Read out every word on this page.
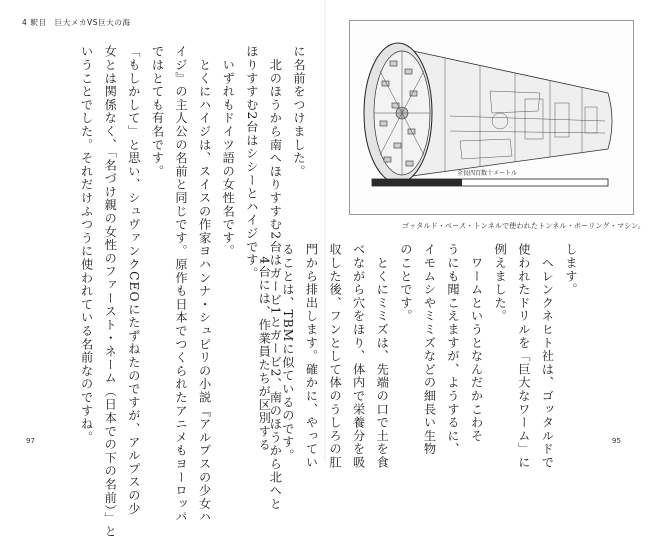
4 駅目　巨大メカVS巨大の海
に名前をつけました。
　北のほうから南へほりすすむ2台はガービ1とガービ2、南のほうから北へと
ほりすすむ2台はシシーとハイジです。
　いずれもドイツ語の女性名です。
　とくにハイジは、スイスの作家ヨハンナ・シュピリの小説『アルプスの少女ハ
イジ』の主人公の名前と同じです。原作も日本でつくられたアニメもヨーロッパ
ではとても有名です。
「もしかして」と思い、シュヴァンクCEOにたずねたのですが、アルプスの少
女とは関係なく、「名づけ親の女性のファースト・ネーム（日本での下の名前）」と
いうことでした。それだけふつうに使われている名前なのですね。	全長四百数十メートル
ゴッタルド・ベース・トンネルで使われたトンネル・ボーリング・マシン。
します。
　ヘレンクネヒト社は、ゴッタルドで
使われたドリルを「巨大なワーム」に
例えました。
　ワームというとなんだかこわそ
うにも聞こえますが、ようするに、
イモムシやミミズなどの細長い生物
のことです。
　とくにミミズは、先端の口で土を食
べながら穴をほり、体内で栄養分を吸
収した後、フンとして体のうしろの肛
門から排出します。確かに、やってい
ることは、TBMに似ているのです。
　4台には、作業員たちが区別する
97	95
